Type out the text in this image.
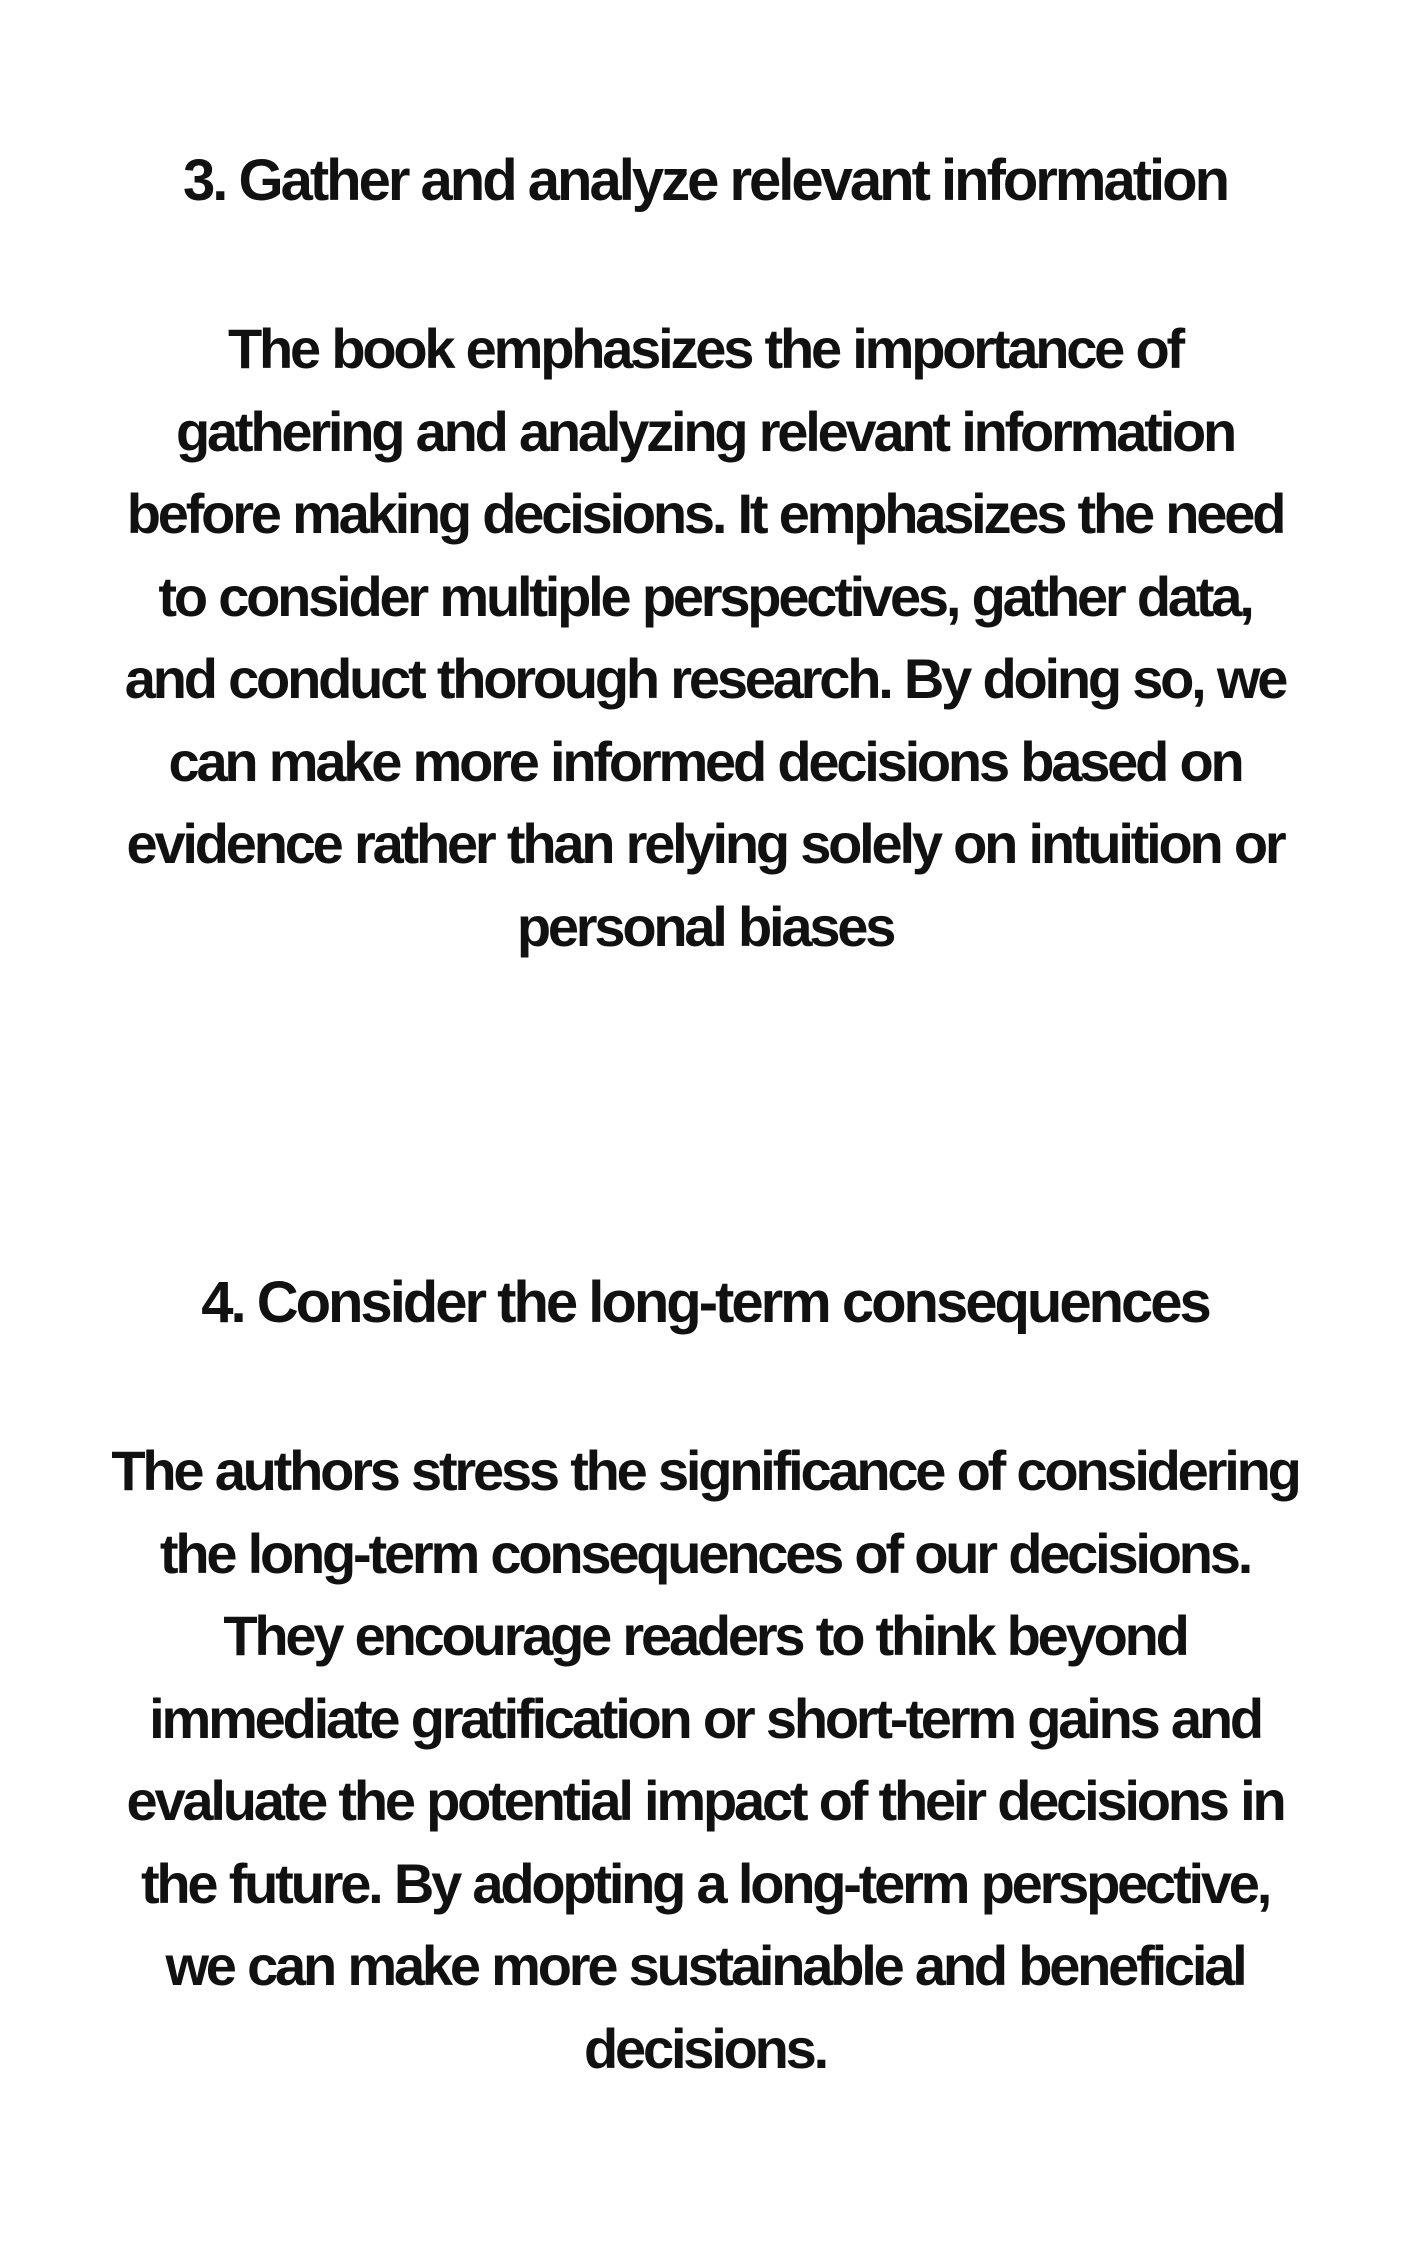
3. Gather and analyze relevant information

The book emphasizes the importance of
gathering and analyzing relevant information
before making decisions. It emphasizes the need
to consider multiple perspectives, gather data,
and conduct thorough research. By doing so, we
can make more informed decisions based on
evidence rather than relying solely on intuition or
personal biases

4. Consider the long-term consequences

The authors stress the significance of considering
the long-term consequences of our decisions.
They encourage readers to think beyond
immediate gratification or short-term gains and
evaluate the potential impact of their decisions in
the future. By adopting a long-term perspective,
we can make more sustainable and beneficial
decisions.
